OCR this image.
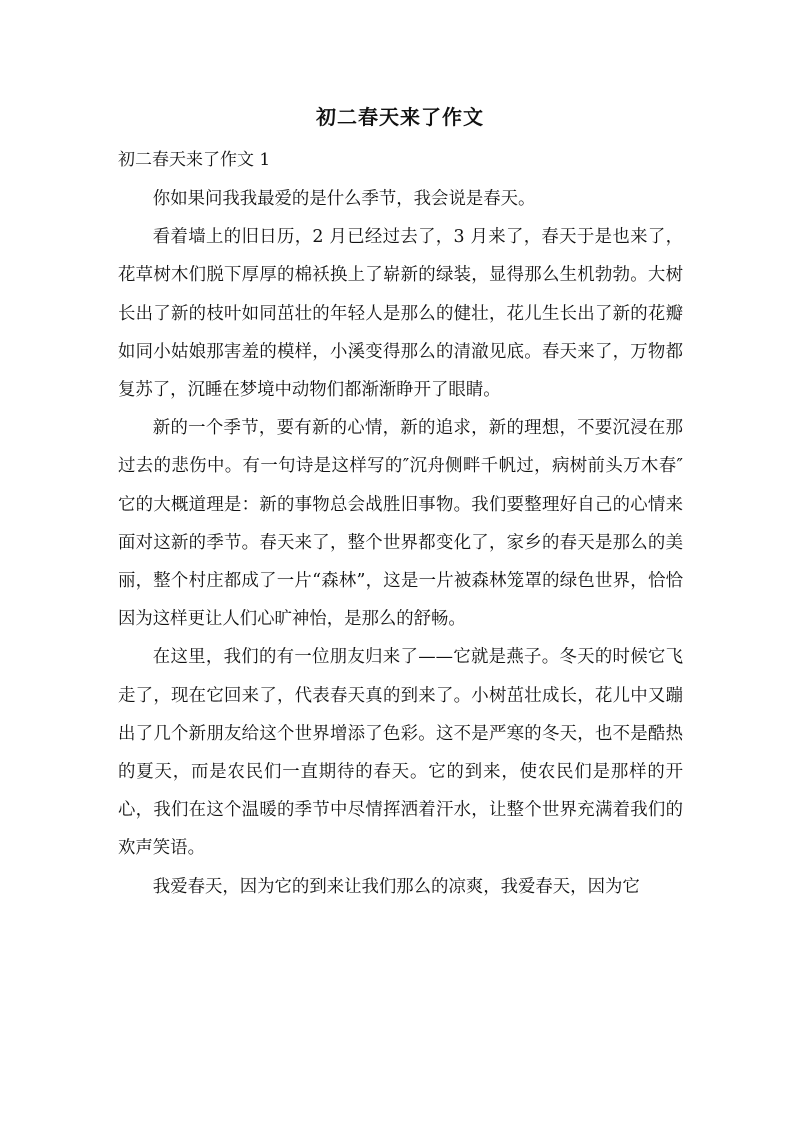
初二春天来了作文
初二春天来了作文 1

你如果问我我最爱的是什么季节，我会说是春天。

看着墙上的旧日历，2 月已经过去了，3 月来了，春天于是也来了，花草树木们脱下厚厚的棉袄换上了崭新的绿装，显得那么生机勃勃。大树长出了新的枝叶如同茁壮的年轻人是那么的健壮，花儿生长出了新的花瓣如同小姑娘那害羞的模样，小溪变得那么的清澈见底。春天来了，万物都复苏了，沉睡在梦境中动物们都渐渐睁开了眼睛。

新的一个季节，要有新的心情，新的追求，新的理想，不要沉浸在那过去的悲伤中。有一句诗是这样写的″沉舟侧畔千帆过，病树前头万木春″它的大概道理是：新的事物总会战胜旧事物。我们要整理好自己的心情来面对这新的季节。春天来了，整个世界都变化了，家乡的春天是那么的美丽，整个村庄都成了一片“森林”，这是一片被森林笼罩的绿色世界，恰恰因为这样更让人们心旷神怡，是那么的舒畅。

在这里，我们的有一位朋友归来了——它就是燕子。冬天的时候它飞走了，现在它回来了，代表春天真的到来了。小树茁壮成长，花儿中又蹦出了几个新朋友给这个世界增添了色彩。这不是严寒的冬天，也不是酷热的夏天，而是农民们一直期待的春天。它的到来，使农民们是那样的开心，我们在这个温暖的季节中尽情挥洒着汗水，让整个世界充满着我们的欢声笑语。

我爱春天，因为它的到来让我们那么的凉爽，我爱春天，因为它
